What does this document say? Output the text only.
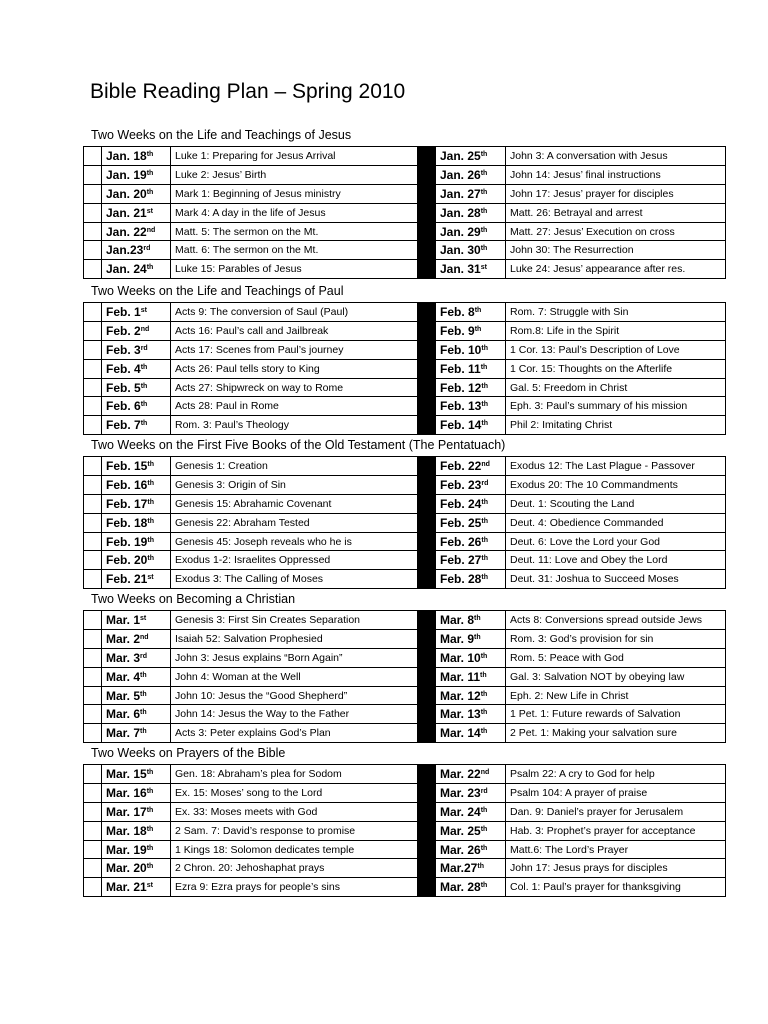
Bible Reading Plan – Spring 2010
Two Weeks on the Life and Teachings of Jesus
	Jan. 18th	Luke 1: Preparing for Jesus Arrival		Jan. 25th	John 3: A conversation with Jesus
	Jan. 19th	Luke 2: Jesus’ Birth		Jan. 26th	John 14: Jesus’ final instructions
	Jan. 20th	Mark 1: Beginning of Jesus ministry		Jan. 27th	John 17: Jesus’ prayer for disciples
	Jan. 21st	Mark 4: A day in the life of Jesus		Jan. 28th	Matt. 26: Betrayal and arrest
	Jan. 22nd	Matt. 5: The sermon on the Mt.		Jan. 29th	Matt. 27: Jesus’ Execution on cross
	Jan.23rd	Matt. 6: The sermon on the Mt.		Jan. 30th	John 30: The Resurrection
	Jan. 24th	Luke 15: Parables of Jesus		Jan. 31st	Luke 24: Jesus’ appearance after res.
Two Weeks on the Life and Teachings of Paul
	Feb. 1st	Acts 9: The conversion of Saul (Paul)		Feb. 8th	Rom. 7: Struggle with Sin
	Feb. 2nd	Acts 16: Paul’s call and Jailbreak		Feb. 9th	Rom.8: Life in the Spirit
	Feb. 3rd	Acts 17: Scenes from Paul’s journey		Feb. 10th	1 Cor. 13: Paul’s Description of Love
	Feb. 4th	Acts 26: Paul tells story to King		Feb. 11th	1 Cor. 15: Thoughts on the Afterlife
	Feb. 5th	Acts 27: Shipwreck on way to Rome		Feb. 12th	Gal. 5: Freedom in Christ
	Feb. 6th	Acts 28: Paul in Rome		Feb. 13th	Eph. 3: Paul’s summary of his mission
	Feb. 7th	Rom. 3: Paul’s Theology		Feb. 14th	Phil 2: Imitating Christ
Two Weeks on the First Five Books of the Old Testament (The Pentatuach)
	Feb. 15th	Genesis 1: Creation		Feb. 22nd	Exodus 12: The Last Plague - Passover
	Feb. 16th	Genesis 3: Origin of Sin		Feb. 23rd	Exodus 20: The 10 Commandments
	Feb. 17th	Genesis 15: Abrahamic Covenant		Feb. 24th	Deut. 1: Scouting the Land
	Feb. 18th	Genesis 22: Abraham Tested		Feb. 25th	Deut. 4: Obedience Commanded
	Feb. 19th	Genesis 45: Joseph reveals who he is		Feb. 26th	Deut. 6: Love the Lord your God
	Feb. 20th	Exodus 1-2: Israelites Oppressed		Feb. 27th	Deut. 11: Love and Obey the Lord
	Feb. 21st	Exodus 3: The Calling of Moses		Feb. 28th	Deut. 31: Joshua to Succeed Moses
Two Weeks on Becoming a Christian
	Mar. 1st	Genesis 3: First Sin Creates Separation		Mar. 8th	Acts 8: Conversions spread outside Jews
	Mar. 2nd	Isaiah 52: Salvation Prophesied		Mar. 9th	Rom. 3: God’s provision for sin
	Mar. 3rd	John 3: Jesus explains “Born Again”		Mar. 10th	Rom. 5: Peace with God
	Mar. 4th	John 4: Woman at the Well		Mar. 11th	Gal. 3: Salvation NOT by obeying law
	Mar. 5th	John 10: Jesus the “Good Shepherd”		Mar. 12th	Eph. 2: New Life in Christ
	Mar. 6th	John 14: Jesus the Way to the Father		Mar. 13th	1 Pet. 1: Future rewards of Salvation
	Mar. 7th	Acts 3: Peter explains God’s Plan		Mar. 14th	2 Pet. 1: Making your salvation sure
Two Weeks on Prayers of the Bible
	Mar. 15th	Gen. 18: Abraham’s plea for Sodom		Mar. 22nd	Psalm 22: A cry to God for help
	Mar. 16th	Ex. 15: Moses’ song to the Lord		Mar. 23rd	Psalm 104: A prayer of praise
	Mar. 17th	Ex. 33: Moses meets with God		Mar. 24th	Dan. 9: Daniel’s prayer for Jerusalem
	Mar. 18th	2 Sam. 7: David’s response to promise		Mar. 25th	Hab. 3: Prophet’s prayer for acceptance
	Mar. 19th	1 Kings 18: Solomon dedicates temple		Mar. 26th	Matt.6: The Lord’s Prayer
	Mar. 20th	2 Chron. 20: Jehoshaphat prays		Mar.27th	John 17: Jesus prays for disciples
	Mar. 21st	Ezra 9: Ezra prays for people’s sins		Mar. 28th	Col. 1: Paul’s prayer for thanksgiving
